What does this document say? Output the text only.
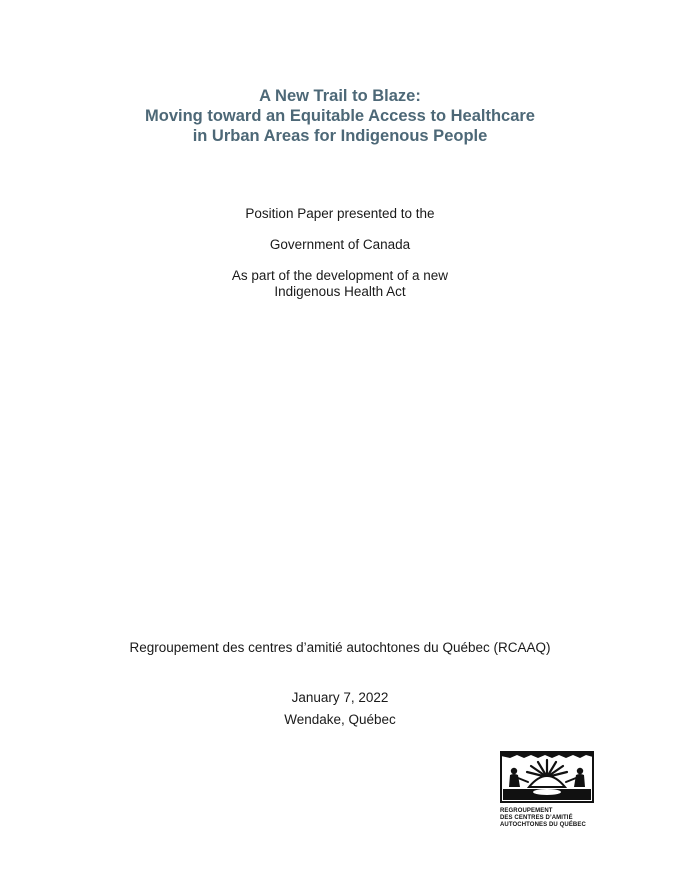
A New Trail to Blaze:
Moving toward an Equitable Access to Healthcare
in Urban Areas for Indigenous People
Position Paper presented to the
Government of Canada
As part of the development of a new
Indigenous Health Act
Regroupement des centres d’amitié autochtones du Québec (RCAAQ)
January 7, 2022
Wendake, Québec
REGROUPEMENT
DES CENTRES D’AMITIÉ
AUTOCHTONES DU QUÉBEC
